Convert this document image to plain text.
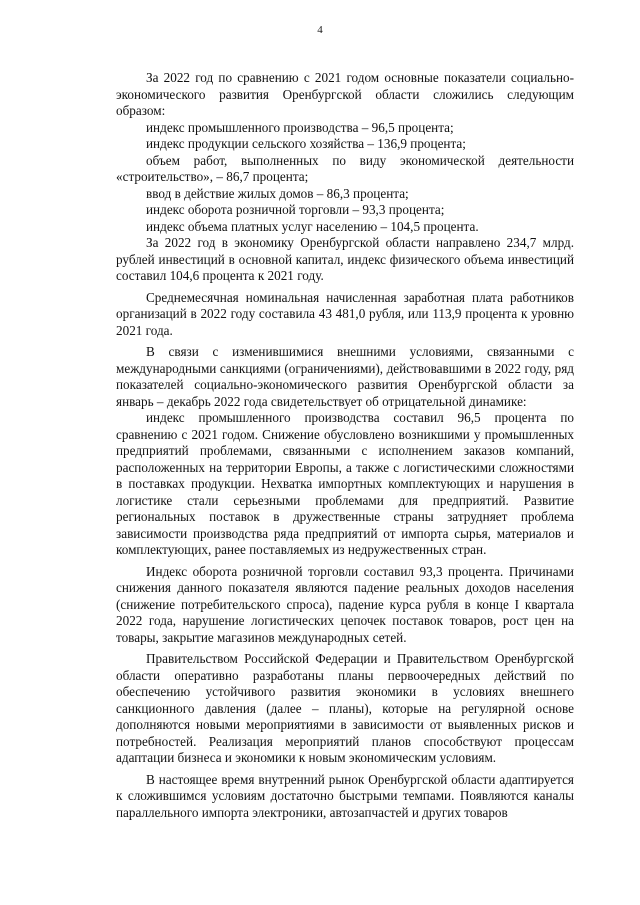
4

За 2022 год по сравнению с 2021 годом основные показатели социально-экономического развития Оренбургской области сложились следующим образом:

индекс промышленного производства – 96,5 процента;

индекс продукции сельского хозяйства – 136,9 процента;

объем работ, выполненных по виду экономической деятельности «строительство», – 86,7 процента;

ввод в действие жилых домов – 86,3 процента;

индекс оборота розничной торговли – 93,3 процента;

индекс объема платных услуг населению – 104,5 процента.

За 2022 год в экономику Оренбургской области направлено 234,7 млрд. рублей инвестиций в основной капитал, индекс физического объема инвестиций составил 104,6 процента к 2021 году.

Среднемесячная номинальная начисленная заработная плата работников организаций в 2022 году составила 43 481,0 рубля, или 113,9 процента к уровню 2021 года.

В связи с изменившимися внешними условиями, связанными с международными санкциями (ограничениями), действовавшими в 2022 году, ряд показателей социально-экономического развития Оренбургской области за январь – декабрь 2022 года свидетельствует об отрицательной динамике:

индекс промышленного производства составил 96,5 процента по сравнению с 2021 годом. Снижение обусловлено возникшими у промышленных предприятий проблемами, связанными с исполнением заказов компаний, расположенных на территории Европы, а также с логистическими сложностями в поставках продукции. Нехватка импортных комплектующих и нарушения в логистике стали серьезными проблемами для предприятий. Развитие региональных поставок в дружественные страны затрудняет проблема зависимости производства ряда предприятий от импорта сырья, материалов и комплектующих, ранее поставляемых из недружественных стран.

Индекс оборота розничной торговли составил 93,3 процента. Причинами снижения данного показателя являются падение реальных доходов населения (снижение потребительского спроса), падение курса рубля в конце I квартала 2022 года, нарушение логистических цепочек поставок товаров, рост цен на товары, закрытие магазинов международных сетей.

Правительством Российской Федерации и Правительством Оренбургской области оперативно разработаны планы первоочередных действий по обеспечению устойчивого развития экономики в условиях внешнего санкционного давления (далее – планы), которые на регулярной основе дополняются новыми мероприятиями в зависимости от выявленных рисков и потребностей. Реализация мероприятий планов способствуют процессам адаптации бизнеса и экономики к новым экономическим условиям.

В настоящее время внутренний рынок Оренбургской области адаптируется к сложившимся условиям достаточно быстрыми темпами. Появляются каналы параллельного импорта электроники, автозапчастей и других товаров
